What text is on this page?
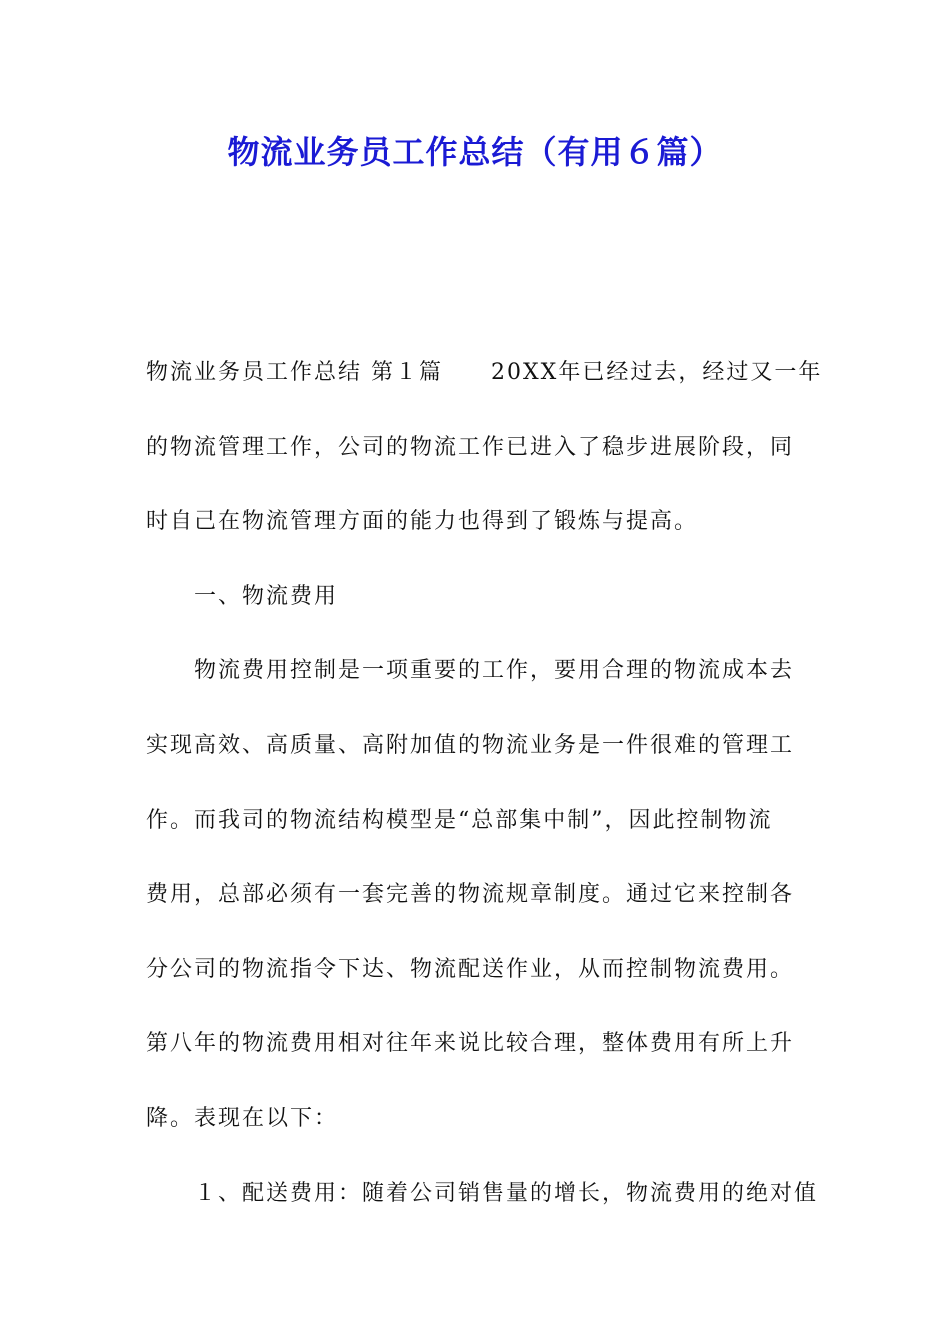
物流业务员工作总结（有用６篇）
物流业务员工作总结 第１篇 20XX年已经过去，经过又一年
的物流管理工作，公司的物流工作已进入了稳步进展阶段，同
时自己在物流管理方面的能力也得到了锻炼与提高。
一、物流费用
物流费用控制是一项重要的工作，要用合理的物流成本去
实现高效、高质量、高附加值的物流业务是一件很难的管理工
作。而我司的物流结构模型是“总部集中制”，因此控制物流
费用，总部必须有一套完善的物流规章制度。通过它来控制各
分公司的物流指令下达、物流配送作业，从而控制物流费用。
第八年的物流费用相对往年来说比较合理，整体费用有所上升
降。表现在以下：
１、配送费用：随着公司销售量的增长，物流费用的绝对值
